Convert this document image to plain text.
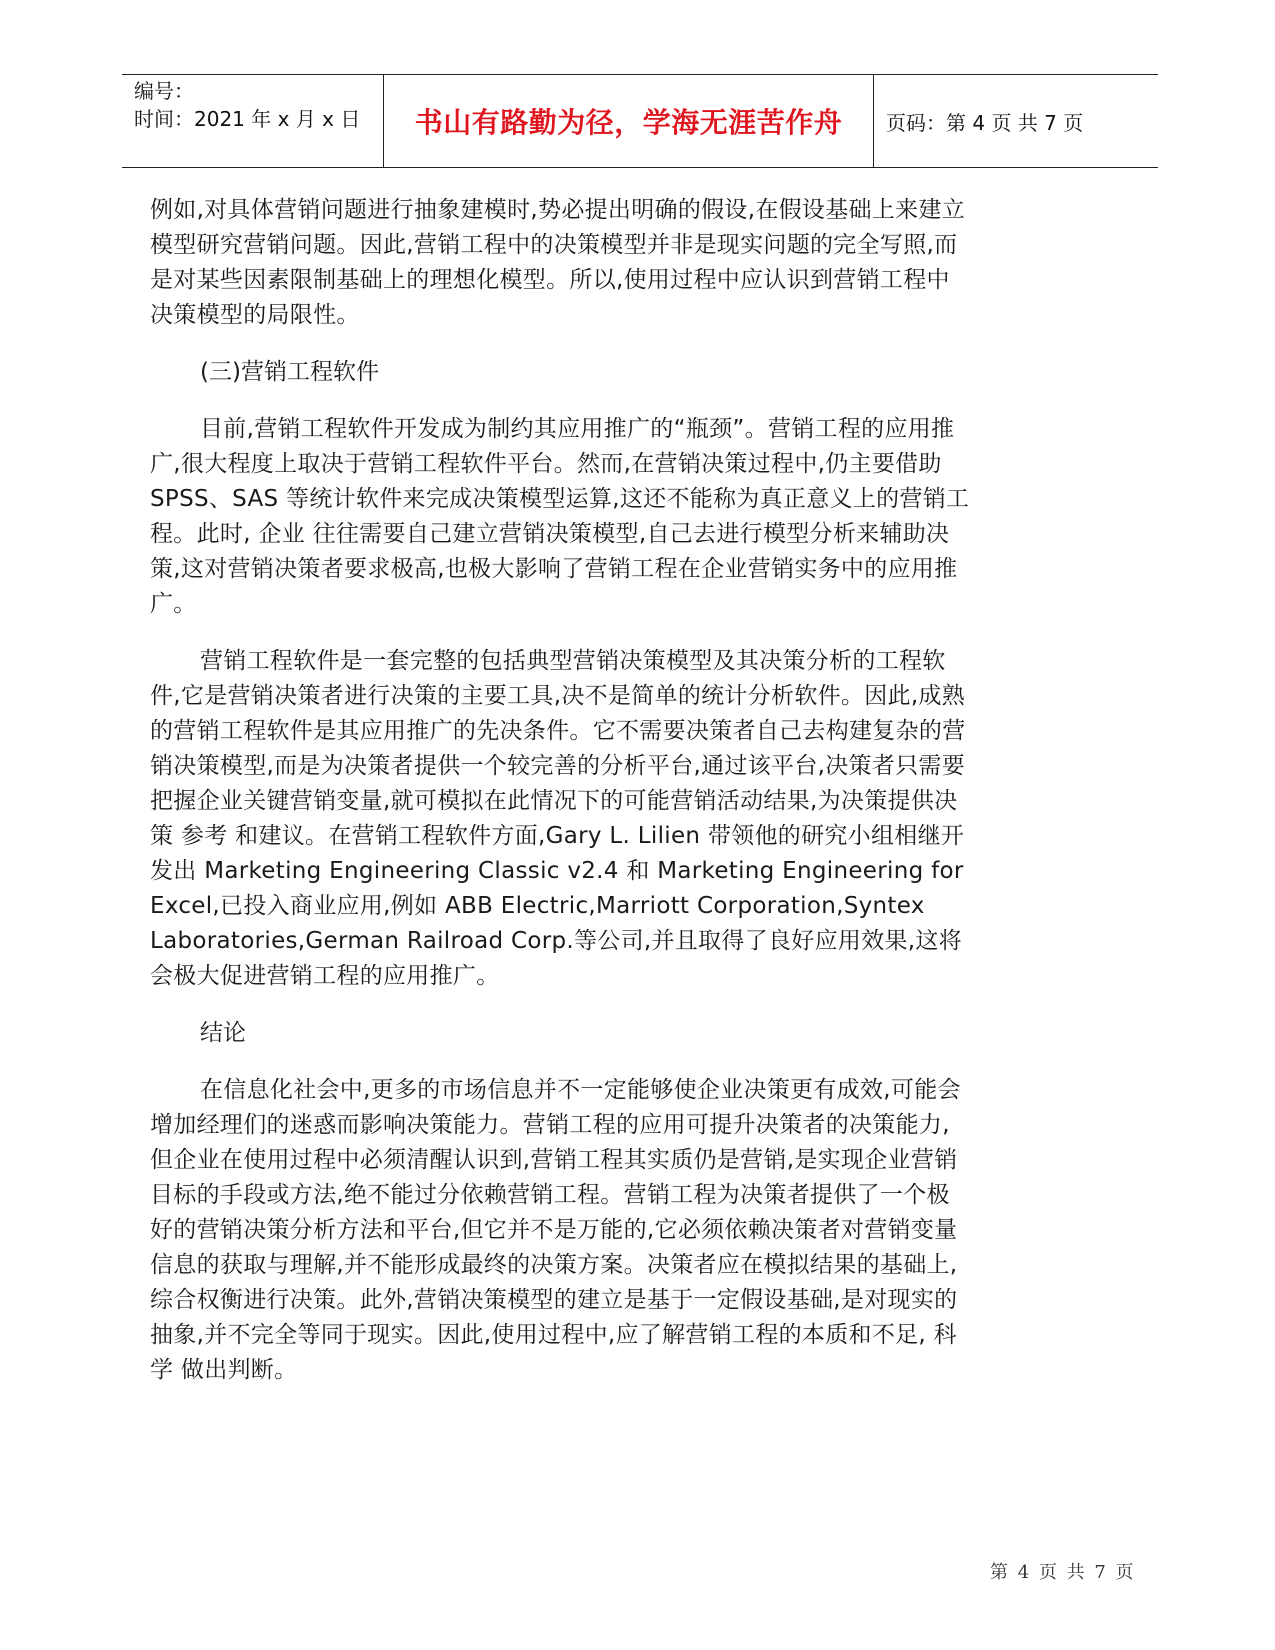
编号：
时间：2021 年 x 月 x 日	书山有路勤为径，学海无涯苦作舟	页码：第 4 页 共 7 页

例如,对具体营销问题进行抽象建模时,势必提出明确的假设,在假设基础上来建立模型研究营销问题。因此,营销工程中的决策模型并非是现实问题的完全写照,而是对某些因素限制基础上的理想化模型。所以,使用过程中应认识到营销工程中决策模型的局限性。

(三)营销工程软件

目前,营销工程软件开发成为制约其应用推广的“瓶颈”。营销工程的应用推广,很大程度上取决于营销工程软件平台。然而,在营销决策过程中,仍主要借助 SPSS、SAS 等统计软件来完成决策模型运算,这还不能称为真正意义上的营销工程。此时, 企业 往往需要自己建立营销决策模型,自己去进行模型分析来辅助决策,这对营销决策者要求极高,也极大影响了营销工程在企业营销实务中的应用推广。

营销工程软件是一套完整的包括典型营销决策模型及其决策分析的工程软件,它是营销决策者进行决策的主要工具,决不是简单的统计分析软件。因此,成熟的营销工程软件是其应用推广的先决条件。它不需要决策者自己去构建复杂的营销决策模型,而是为决策者提供一个较完善的分析平台,通过该平台,决策者只需要把握企业关键营销变量,就可模拟在此情况下的可能营销活动结果,为决策提供决策 参考 和建议。在营销工程软件方面,Gary L. Lilien 带领他的研究小组相继开发出 Marketing Engineering Classic v2.4 和 Marketing Engineering for Excel,已投入商业应用,例如 ABB Electric,Marriott Corporation,Syntex Laboratories,German Railroad Corp.等公司,并且取得了良好应用效果,这将会极大促进营销工程的应用推广。

结论

在信息化社会中,更多的市场信息并不一定能够使企业决策更有成效,可能会增加经理们的迷惑而影响决策能力。营销工程的应用可提升决策者的决策能力,但企业在使用过程中必须清醒认识到,营销工程其实质仍是营销,是实现企业营销目标的手段或方法,绝不能过分依赖营销工程。营销工程为决策者提供了一个极好的营销决策分析方法和平台,但它并不是万能的,它必须依赖决策者对营销变量信息的获取与理解,并不能形成最终的决策方案。决策者应在模拟结果的基础上,综合权衡进行决策。此外,营销决策模型的建立是基于一定假设基础,是对现实的抽象,并不完全等同于现实。因此,使用过程中,应了解营销工程的本质和不足, 科学 做出判断。

第 4 页 共 7 页
